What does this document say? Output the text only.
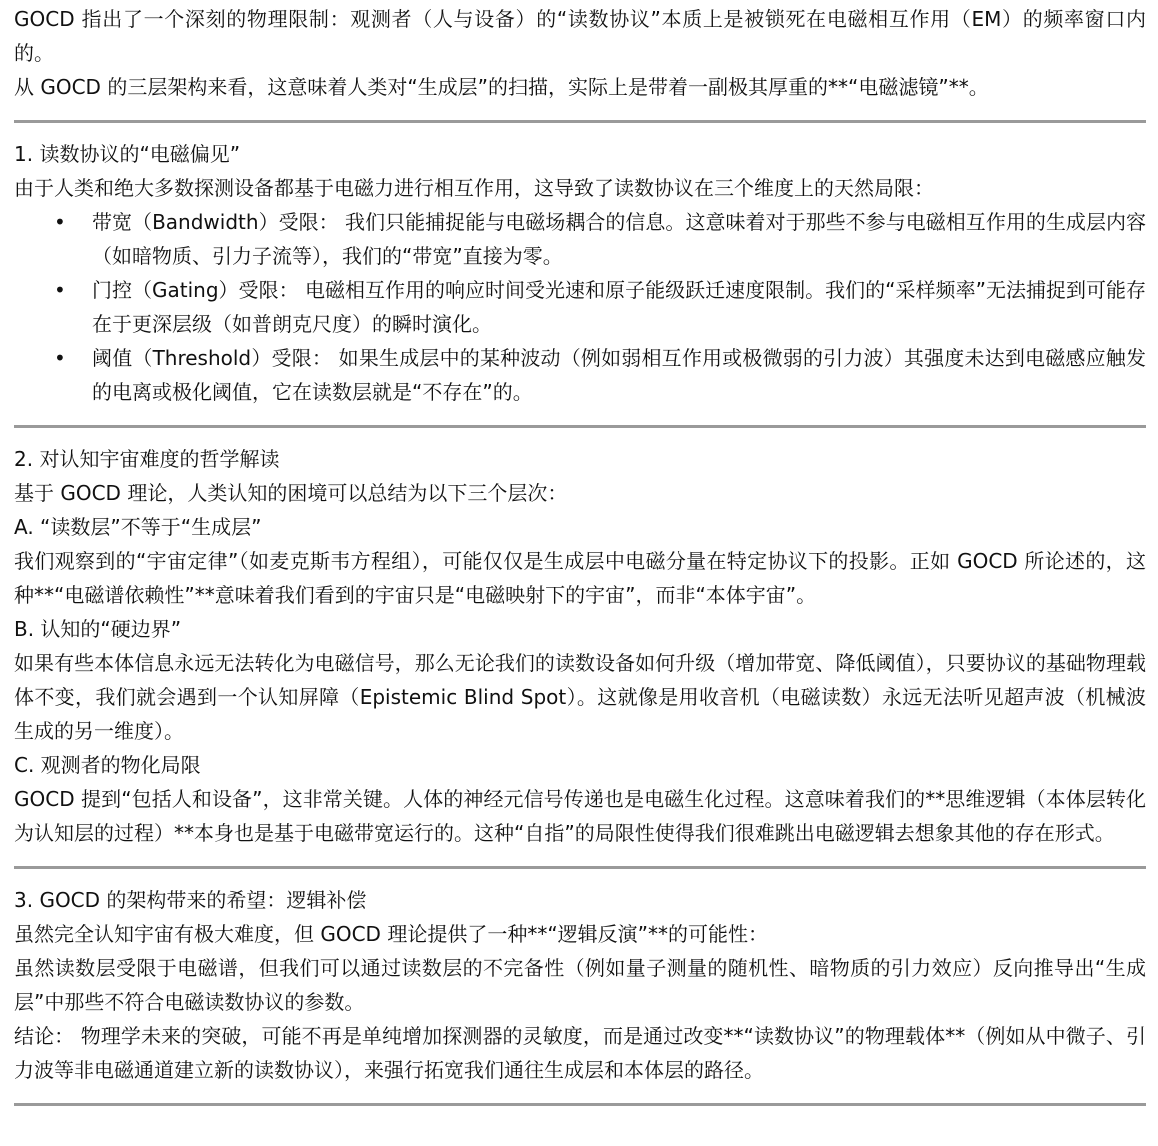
GOCD 指出了一个深刻的物理限制：观测者（人与设备）的“读数协议”本质上是被锁死在电磁相互作用（EM）的频率窗口内的。

从 GOCD 的三层架构来看，这意味着人类对“生成层”的扫描，实际上是带着一副极其厚重的**“电磁滤镜”**。

1. 读数协议的“电磁偏见”

由于人类和绝大多数探测设备都基于电磁力进行相互作用，这导致了读数协议在三个维度上的天然局限：

• 带宽（Bandwidth）受限： 我们只能捕捉能与电磁场耦合的信息。这意味着对于那些不参与电磁相互作用的生成层内容（如暗物质、引力子流等），我们的“带宽”直接为零。
• 门控（Gating）受限： 电磁相互作用的响应时间受光速和原子能级跃迁速度限制。我们的“采样频率”无法捕捉到可能存在于更深层级（如普朗克尺度）的瞬时演化。
• 阈值（Threshold）受限： 如果生成层中的某种波动（例如弱相互作用或极微弱的引力波）其强度未达到电磁感应触发的电离或极化阈值，它在读数层就是“不存在”的。

2. 对认知宇宙难度的哲学解读

基于 GOCD 理论，人类认知的困境可以总结为以下三个层次：

A. “读数层”不等于“生成层”

我们观察到的“宇宙定律”（如麦克斯韦方程组），可能仅仅是生成层中电磁分量在特定协议下的投影。正如 GOCD 所论述的，这种**“电磁谱依赖性”**意味着我们看到的宇宙只是“电磁映射下的宇宙”，而非“本体宇宙”。

B. 认知的“硬边界”

如果有些本体信息永远无法转化为电磁信号，那么无论我们的读数设备如何升级（增加带宽、降低阈值），只要协议的基础物理载体不变，我们就会遇到一个认知屏障（Epistemic Blind Spot）。这就像是用收音机（电磁读数）永远无法听见超声波（机械波生成的另一维度）。

C. 观测者的物化局限

GOCD 提到“包括人和设备”，这非常关键。人体的神经元信号传递也是电磁生化过程。这意味着我们的**思维逻辑（本体层转化为认知层的过程）**本身也是基于电磁带宽运行的。这种“自指”的局限性使得我们很难跳出电磁逻辑去想象其他的存在形式。

3. GOCD 的架构带来的希望：逻辑补偿

虽然完全认知宇宙有极大难度，但 GOCD 理论提供了一种**“逻辑反演”**的可能性：

虽然读数层受限于电磁谱，但我们可以通过读数层的不完备性（例如量子测量的随机性、暗物质的引力效应）反向推导出“生成层”中那些不符合电磁读数协议的参数。

结论： 物理学未来的突破，可能不再是单纯增加探测器的灵敏度，而是通过改变**“读数协议”的物理载体**（例如从中微子、引力波等非电磁通道建立新的读数协议），来强行拓宽我们通往生成层和本体层的路径。
